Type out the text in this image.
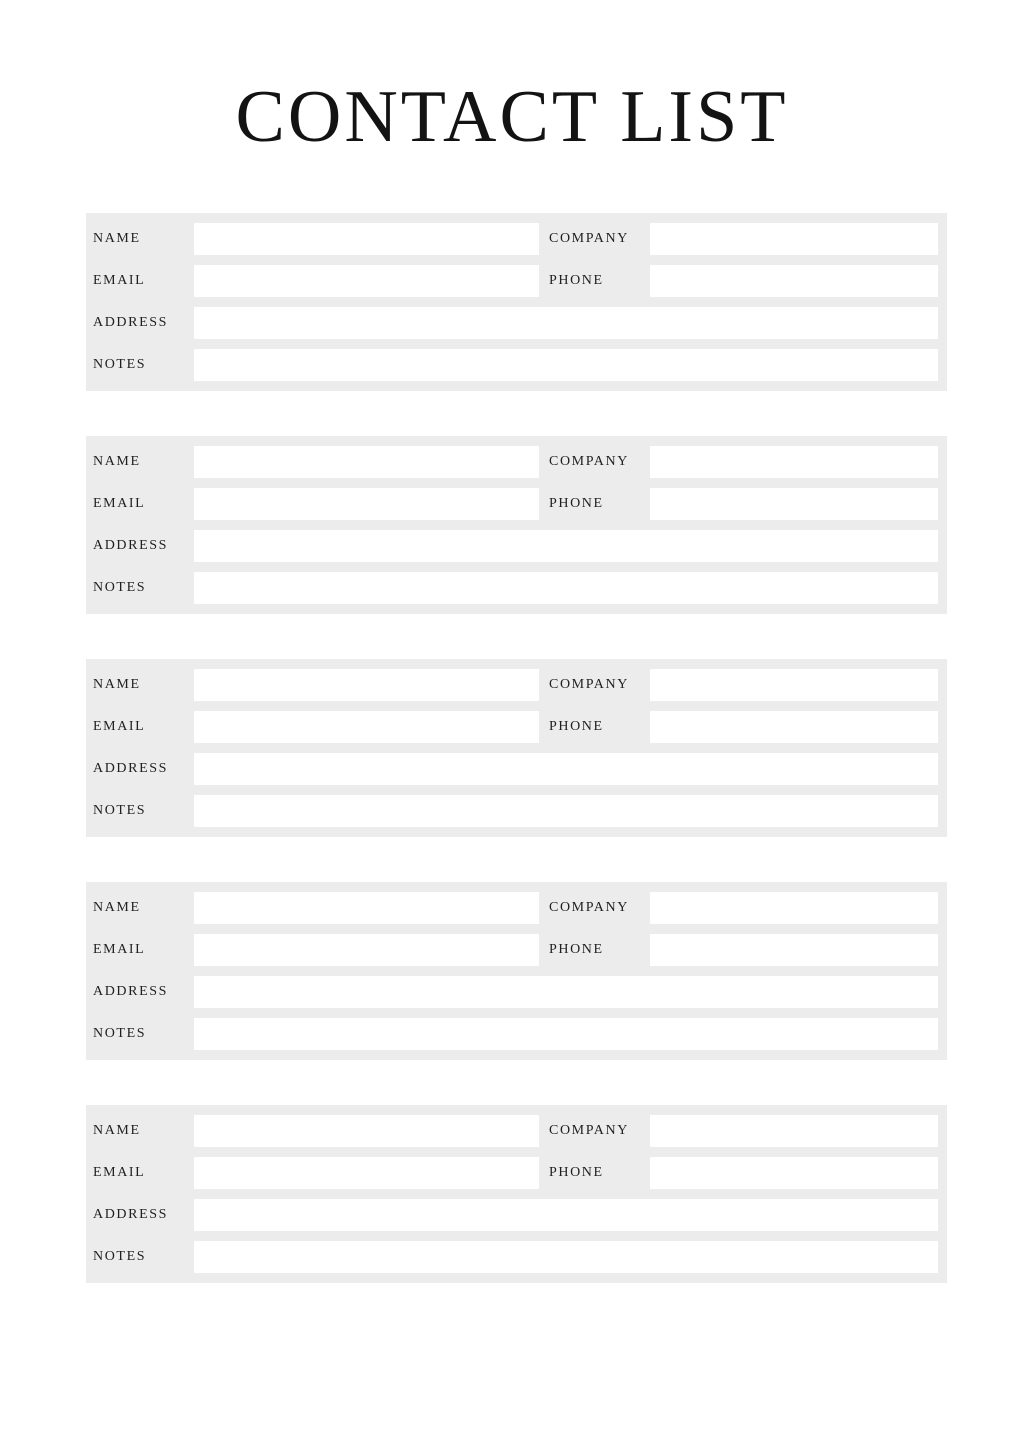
CONTACT LIST
NAME	COMPANY
EMAIL	PHONE
ADDRESS
NOTES
NAME	COMPANY
EMAIL	PHONE
ADDRESS
NOTES
NAME	COMPANY
EMAIL	PHONE
ADDRESS
NOTES
NAME	COMPANY
EMAIL	PHONE
ADDRESS
NOTES
NAME	COMPANY
EMAIL	PHONE
ADDRESS
NOTES
